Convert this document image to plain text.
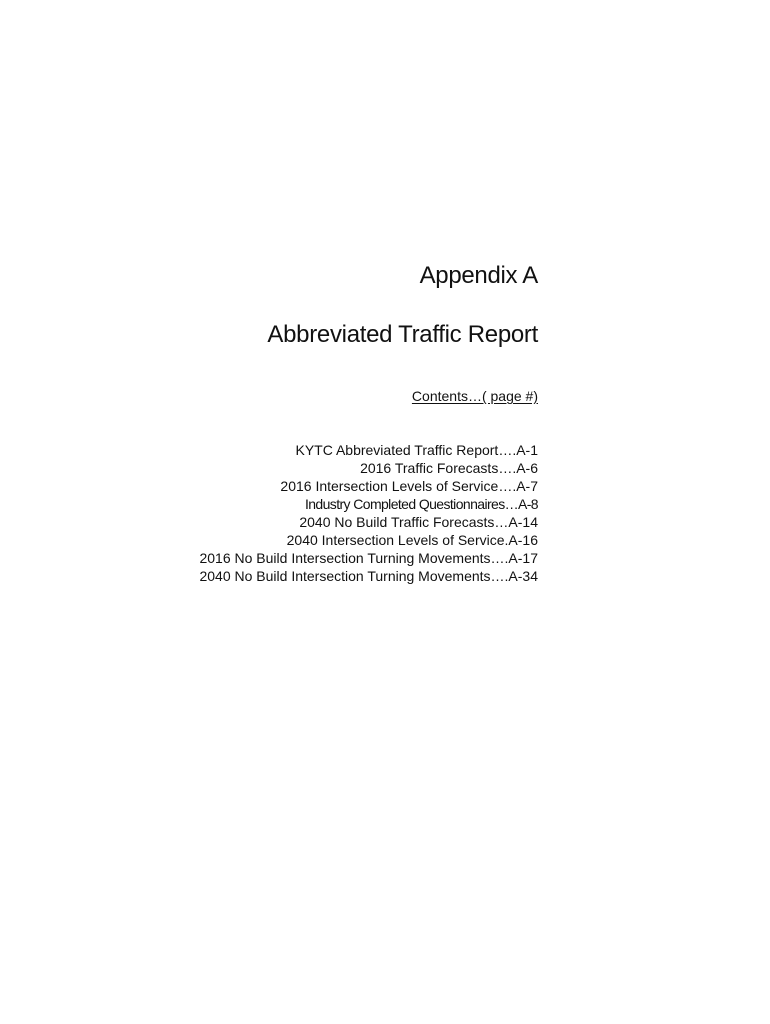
Appendix A
Abbreviated Traffic Report
Contents…( page #)
KYTC Abbreviated Traffic Report….A-1
2016 Traffic Forecasts….A-6
2016 Intersection Levels of Service….A-7
Industry Completed Questionnaires…A-8
2040 No Build Traffic Forecasts…A-14
2040 Intersection Levels of Service.A-16
2016 No Build Intersection Turning Movements….A-17
2040 No Build Intersection Turning Movements….A-34
